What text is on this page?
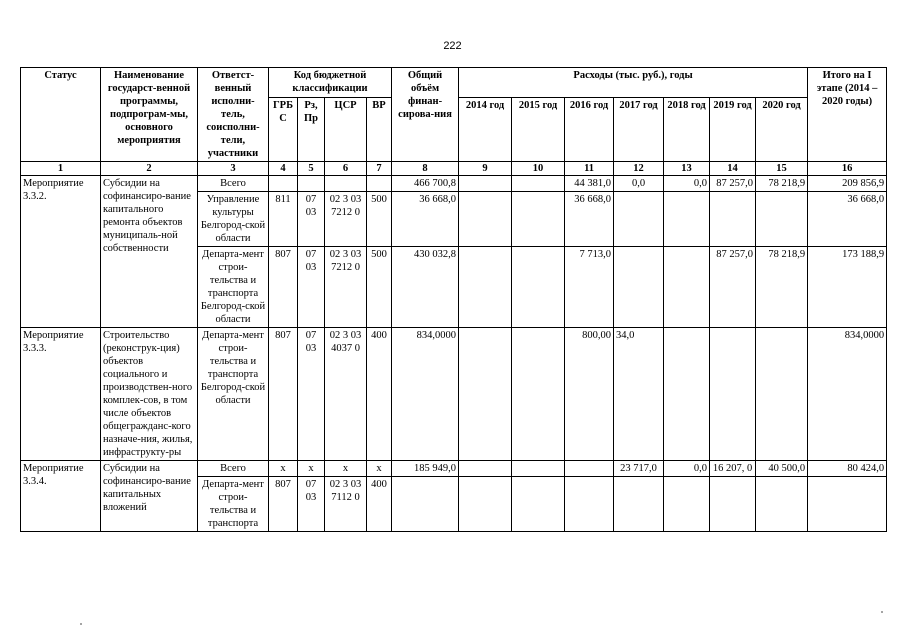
222
Статус	Наименование государст-венной программы, подпрограм-мы, основного мероприятия	Ответст-венный исполни-тель, соисполни-тели, участники	Код бюджетной классификации				Общий объём финан-сирова-ния	Расходы (тыс. руб.), годы							Итого на I этапе (2014 – 2020 годы)
			ГРБ С	Рз, Пр	ЦСР	ВР		2014 год	2015 год	2016 год	2017 год	2018 год	2019 год	2020 год	
1	2	3	4	5	6	7	8	9	10	11	12	13	14	15	16
Мероприятие 3.3.2.	Субсидии на софинансиро-вание капитального ремонта объектов муниципаль-ной собственности	Всего					466 700,8			44 381,0	0,0	0,0	87 257,0	78 218,9	209 856,9
		Управление культуры Белгород-ской области	811	07 03	02 3 03 7212 0	500	36 668,0			36 668,0					36 668,0
		Департа-мент строи-тельства и транспорта Белгород-ской области	807	07 03	02 3 03 7212 0	500	430 032,8			7 713,0			87 257,0	78 218,9	173 188,9
Мероприятие 3.3.3.	Строительство (реконструк-ция) объектов социального и производствен-ного комплек-сов, в том числе объектов общегражданс-кого назначе-ния, жилья, инфраструкту-ры	Департа-мент строи-тельства и транспорта Белгород-ской области	807	07 03	02 3 03 4037 0	400	834,0000			800,00	34,0				834,0000
Мероприятие 3.3.4.	Субсидии на софинансиро-вание капитальных вложений	Всего	x	x	x	x	185 949,0				23 717,0	0,0	16 207, 0	40 500,0	80 424,0
		Департа-мент строи-тельства и транспорта	807	07 03	02 3 03 7112 0	400									
